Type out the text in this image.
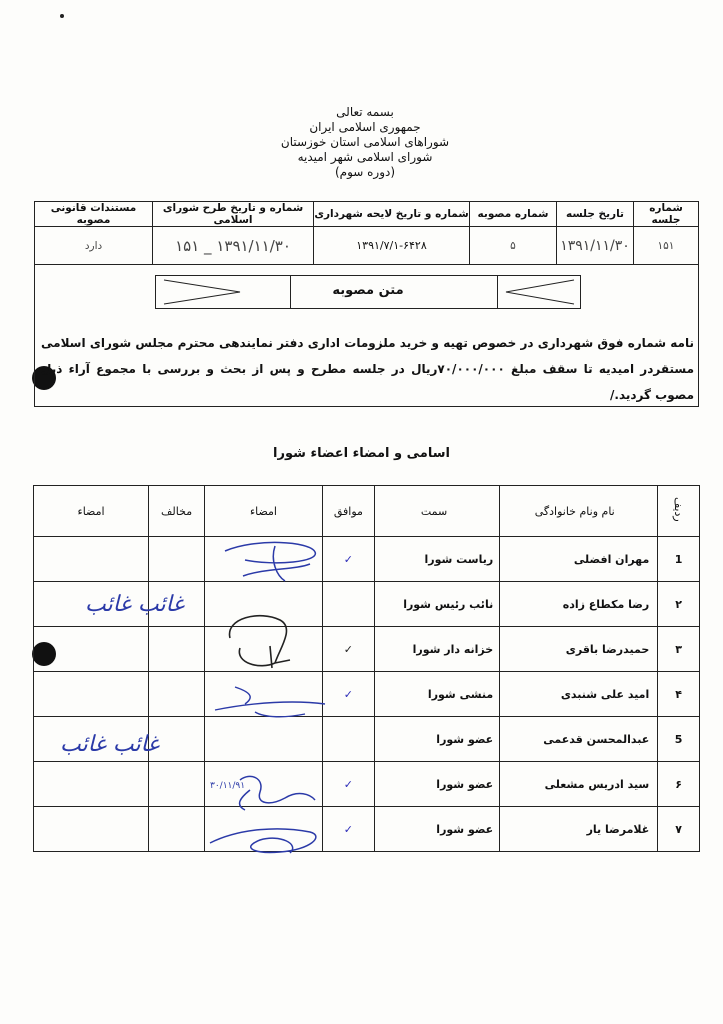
بسمه تعالی
جمهوری اسلامی ایران
شوراهای اسلامی استان خوزستان
شورای اسلامی شهر امیدیه
(دوره سوم)
شماره جلسه	تاریخ جلسه	شماره مصوبه	شماره و تاریخ لایحه شهرداری	شماره و تاریخ طرح شورای اسلامی	مستندات قانونی مصوبه
۱۵۱	۱۳۹۱/۱۱/۳۰	۵	۱۳۹۱/۷/۱-۶۴۲۸	۱۳۹۱/۱۱/۳۰ _ ۱۵۱	دارد
متن مصوبه
نامه شماره فوق شهرداری در خصوص تهیه و خرید ملزومات اداری دفتر نمایندهی محترم مجلس شورای اسلامی مستقردر امیدیه تا سقف مبلغ ۷۰/۰۰۰/۰۰۰ریال در جلسه مطرح و پس از بحث و بررسی با مجموع آراء ذیل مصوب گردید./
اسامی و امضاء اعضاء شورا
ردیف	نام ونام خانوادگی	سمت	موافق	امضاء	مخالف	امضاء
1	مهران افضلی	ریاست شورا	✓			
۲	رضا مکطاع زاده	نائب رئیس شورا				
۳	حمیدرضا باقری	خزانه دار شورا	✓			
۴	امید علی شنبدی	منشی شورا	✓			
5	عبدالمحسن قدعمی	عضو شورا				
۶	سید ادریس مشعلی	عضو شورا	✓			
۷	غلامرضا یار	عضو شورا	✓			
غائب غائب
غائب غائب
۳۰/۱۱/۹۱
